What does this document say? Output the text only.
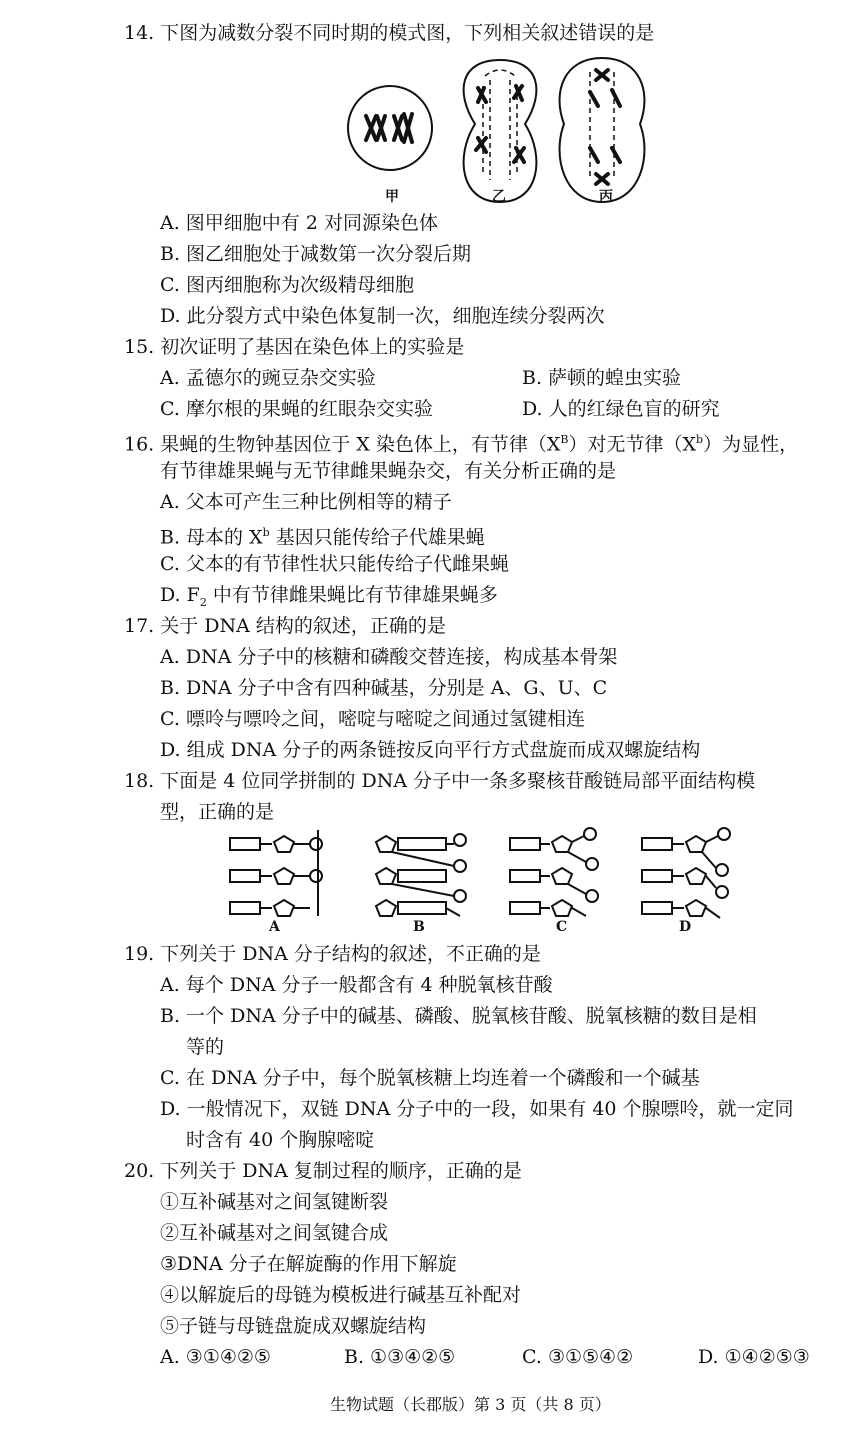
14. 下图为减数分裂不同时期的模式图，下列相关叙述错误的是
甲	乙	丙
A. 图甲细胞中有 2 对同源染色体
B. 图乙细胞处于减数第一次分裂后期
C. 图丙细胞称为次级精母细胞
D. 此分裂方式中染色体复制一次，细胞连续分裂两次
15. 初次证明了基因在染色体上的实验是
A. 孟德尔的豌豆杂交实验	B. 萨顿的蝗虫实验
C. 摩尔根的果蝇的红眼杂交实验	D. 人的红绿色盲的研究
16. 果蝇的生物钟基因位于 X 染色体上，有节律$(X^B)$对无节律$(X^b)$为显性，
有节律雄果蝇与无节律雌果蝇杂交，有关分析正确的是
A. 父本可产生三种比例相等的精子
B. 母本的 $X^b$ 基因只能传给子代雄果蝇
C. 父本的有节律性状只能传给子代雌果蝇
D. $F_2$ 中有节律雌果蝇比有节律雄果蝇多
17. 关于 DNA 结构的叙述，正确的是
A. DNA 分子中的核糖和磷酸交替连接，构成基本骨架
B. DNA 分子中含有四种碱基，分别是 A、G、U、C
C. 嘌呤与嘌呤之间，嘧啶与嘧啶之间通过氢键相连
D. 组成 DNA 分子的两条链按反向平行方式盘旋而成双螺旋结构
18. 下面是 4 位同学拼制的 DNA 分子中一条多聚核苷酸链局部平面结构模
型，正确的是
A	B	C	D
19. 下列关于 DNA 分子结构的叙述，不正确的是
A. 每个 DNA 分子一般都含有 4 种脱氧核苷酸
B. 一个 DNA 分子中的碱基、磷酸、脱氧核苷酸、脱氧核糖的数目是相
等的
C. 在 DNA 分子中，每个脱氧核糖上均连着一个磷酸和一个碱基
D. 一般情况下，双链 DNA 分子中的一段，如果有 40 个腺嘌呤，就一定同
时含有 40 个胸腺嘧啶
20. 下列关于 DNA 复制过程的顺序，正确的是
①互补碱基对之间氢键断裂
②互补碱基对之间氢键合成
③DNA 分子在解旋酶的作用下解旋
④以解旋后的母链为模板进行碱基互补配对
⑤子链与母链盘旋成双螺旋结构
A. ③①④②⑤	B. ①③④②⑤	C. ③①⑤④②	D. ①④②⑤③
生物试题（长郡版）第 3 页（共 8 页）
